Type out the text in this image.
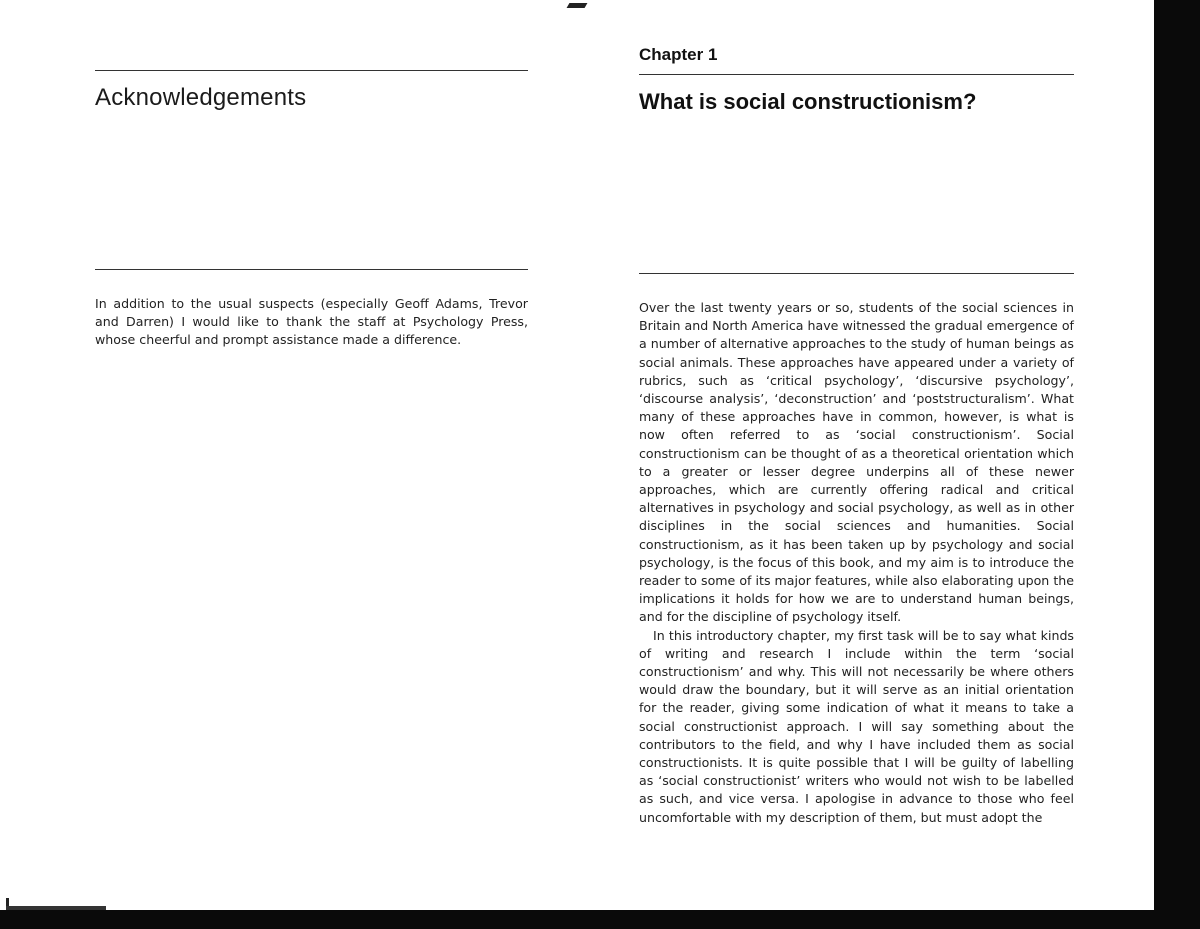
Acknowledgements

In addition to the usual suspects (especially Geoff Adams, Trevor and Darren) I would like to thank the staff at Psychology Press, whose cheerful and prompt assistance made a difference.

Chapter 1

What is social constructionism?

Over the last twenty years or so, students of the social sciences in Britain and North America have witnessed the gradual emergence of a number of alternative approaches to the study of human beings as social animals. These approaches have appeared under a variety of rubrics, such as ‘critical psychology’, ‘discursive psychology’, ‘discourse analysis’, ‘deconstruction’ and ‘poststructuralism’. What many of these approaches have in common, however, is what is now often referred to as ‘social constructionism’. Social constructionism can be thought of as a theoretical orientation which to a greater or lesser degree underpins all of these newer approaches, which are currently offering radical and critical alternatives in psychology and social psychology, as well as in other disciplines in the social sciences and humanities. Social constructionism, as it has been taken up by psychology and social psychology, is the focus of this book, and my aim is to introduce the reader to some of its major features, while also elaborating upon the implications it holds for how we are to understand human beings, and for the discipline of psychology itself.

In this introductory chapter, my first task will be to say what kinds of writing and research I include within the term ‘social constructionism’ and why. This will not necessarily be where others would draw the boundary, but it will serve as an initial orientation for the reader, giving some indication of what it means to take a social constructionist approach. I will say something about the contributors to the field, and why I have included them as social constructionists. It is quite possible that I will be guilty of labelling as ‘social constructionist’ writers who would not wish to be labelled as such, and vice versa. I apologise in advance to those who feel uncomfortable with my description of them, but must adopt the
